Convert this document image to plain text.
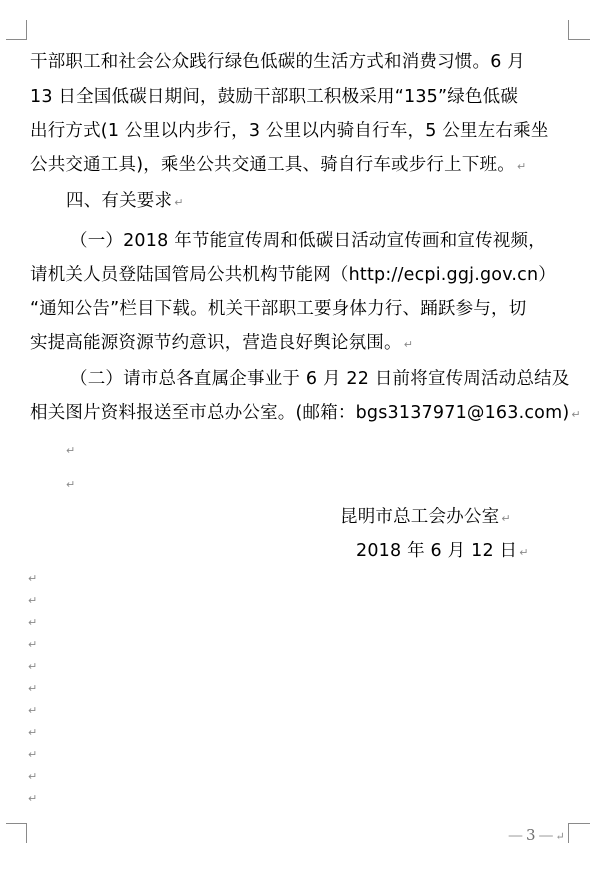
干部职工和社会公众践行绿色低碳的生活方式和消费习惯。6 月
13 日全国低碳日期间，鼓励干部职工积极采用“135”绿色低碳
出行方式(1 公里以内步行，3 公里以内骑自行车，5 公里左右乘坐
公共交通工具)，乘坐公共交通工具、骑自行车或步行上下班。 ↵
四、有关要求 ↵
（一）2018 年节能宣传周和低碳日活动宣传画和宣传视频，
请机关人员登陆国管局公共机构节能网（http://ecpi.ggj.gov.cn）
“通知公告”栏目下载。机关干部职工要身体力行、踊跃参与，切
实提高能源资源节约意识，营造良好舆论氛围。 ↵
（二）请市总各直属企事业于 6 月 22 日前将宣传周活动总结及
相关图片资料报送至市总办公室。(邮箱：bgs3137971@163.com) ↵
↵
↵
昆明市总工会办公室 ↵
2018 年 6 月 12 日 ↵
↵
↵
↵
↵
↵
↵
↵
↵
↵
↵
↵
— 3 — ↵
